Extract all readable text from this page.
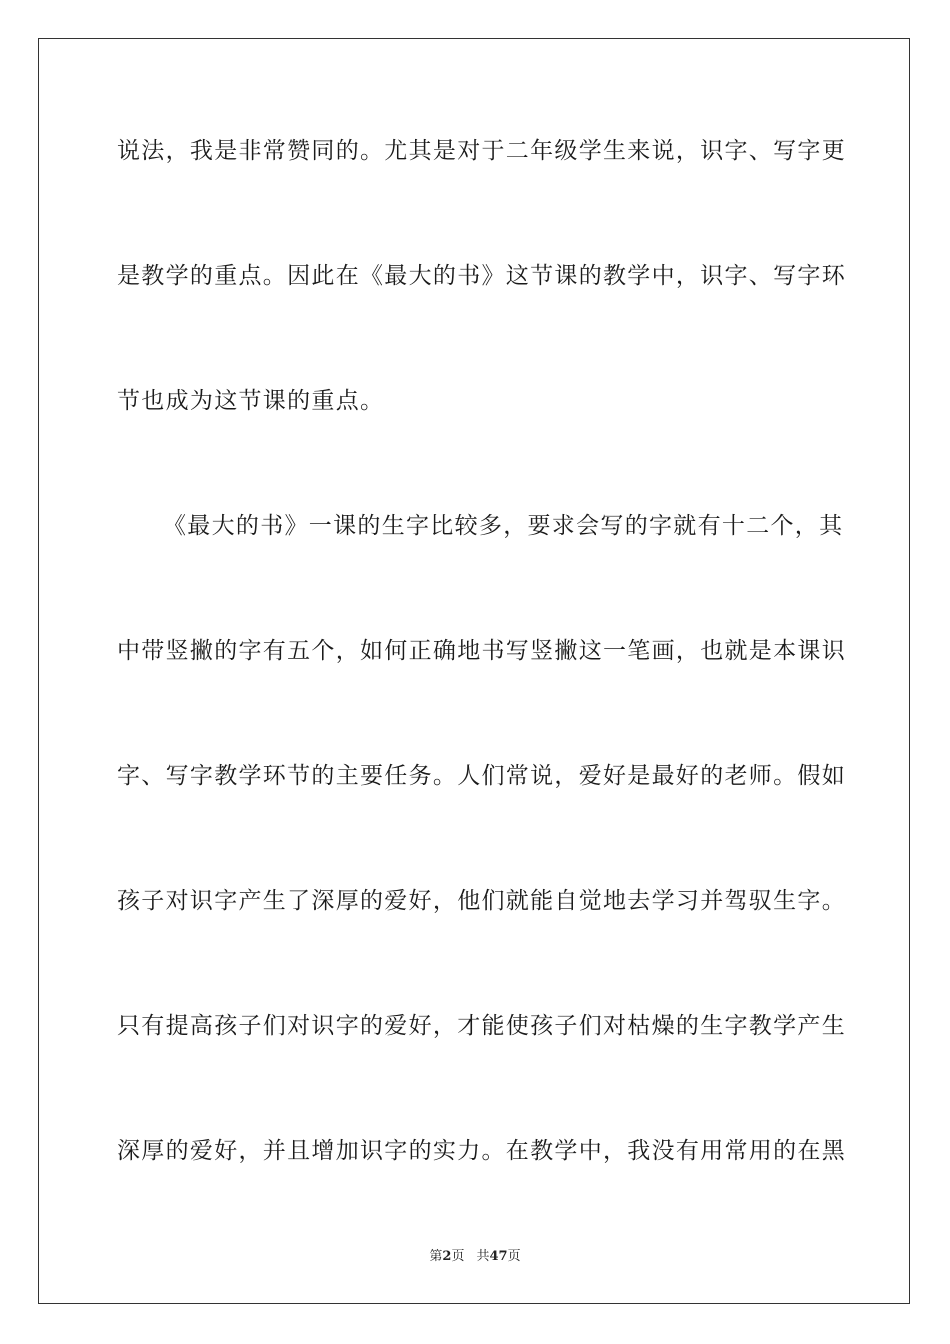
说法，我是非常赞同的。尤其是对于二年级学生来说，识字、写字更
是教学的重点。因此在《最大的书》这节课的教学中，识字、写字环
节也成为这节课的重点。
《最大的书》一课的生字比较多，要求会写的字就有十二个，其
中带竖撇的字有五个，如何正确地书写竖撇这一笔画，也就是本课识
字、写字教学环节的主要任务。人们常说，爱好是最好的老师。假如
孩子对识字产生了深厚的爱好，他们就能自觉地去学习并驾驭生字。
只有提高孩子们对识字的爱好，才能使孩子们对枯燥的生字教学产生
深厚的爱好，并且增加识字的实力。在教学中，我没有用常用的在黑
第2页 共47页
